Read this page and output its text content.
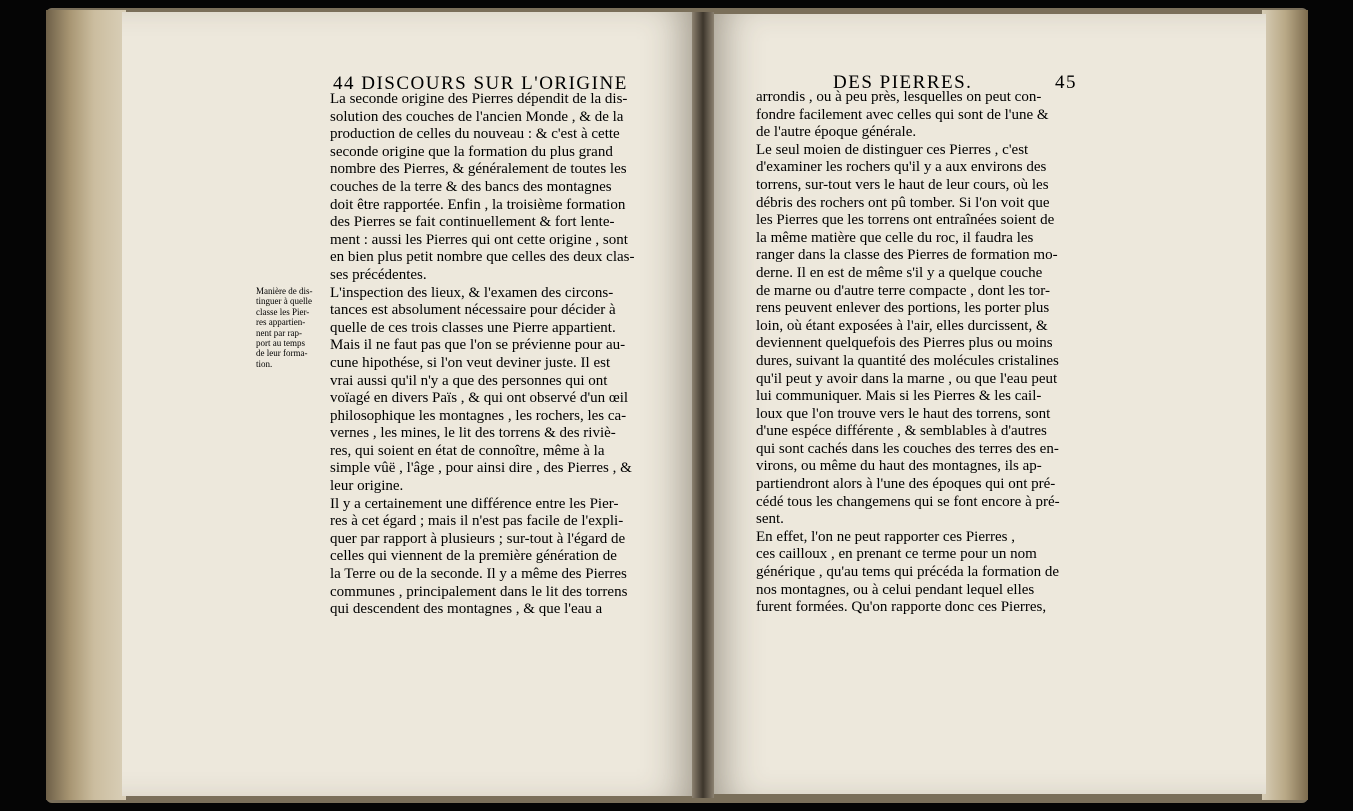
44 DISCOURS SUR L'ORIGINE
La seconde origine des Pierres dépendit de la dis-
solution des couches de l'ancien Monde , & de la
production de celles du nouveau : & c'est à cette
seconde origine que la formation du plus grand
nombre des Pierres, & généralement de toutes les
couches de la terre & des bancs des montagnes
doit être rapportée. Enfin , la troisième formation
des Pierres se fait continuellement & fort lente-
ment : aussi les Pierres qui ont cette origine , sont
en bien plus petit nombre que celles des deux clas-
ses précédentes.
L'inspection des lieux, & l'examen des circons-
tances est absolument nécessaire pour décider à
quelle de ces trois classes une Pierre appartient.
Mais il ne faut pas que l'on se prévienne pour au-
cune hipothése, si l'on veut deviner juste. Il est
vrai aussi qu'il n'y a que des personnes qui ont
voïagé en divers Païs , & qui ont observé d'un œil
philosophique les montagnes , les rochers, les ca-
vernes , les mines, le lit des torrens & des riviè-
res, qui soient en état de connoître, même à la
simple vûë , l'âge , pour ainsi dire , des Pierres , &
leur origine.
Il y a certainement une différence entre les Pier-
res à cet égard ; mais il n'est pas facile de l'expli-
quer par rapport à plusieurs ; sur-tout à l'égard de
celles qui viennent de la première génération de
la Terre ou de la seconde. Il y a même des Pierres
communes , principalement dans le lit des torrens
qui descendent des montagnes , & que l'eau a
Manière de dis-
tinguer à quelle
classe les Pier-
res appartien-
nent par rap-
port au temps
de leur forma-
tion.
DES PIERRES.	45
arrondis , ou à peu près, lesquelles on peut con-
fondre facilement avec celles qui sont de l'une &
de l'autre époque générale.
Le seul moien de distinguer ces Pierres , c'est
d'examiner les rochers qu'il y a aux environs des
torrens, sur-tout vers le haut de leur cours, où les
débris des rochers ont pû tomber. Si l'on voit que
les Pierres que les torrens ont entraînées soient de
la même matière que celle du roc, il faudra les
ranger dans la classe des Pierres de formation mo-
derne. Il en est de même s'il y a quelque couche
de marne ou d'autre terre compacte , dont les tor-
rens peuvent enlever des portions, les porter plus
loin, où étant exposées à l'air, elles durcissent, &
deviennent quelquefois des Pierres plus ou moins
dures, suivant la quantité des molécules cristalines
qu'il peut y avoir dans la marne , ou que l'eau peut
lui communiquer. Mais si les Pierres & les cail-
loux que l'on trouve vers le haut des torrens, sont
d'une espéce différente , & semblables à d'autres
qui sont cachés dans les couches des terres des en-
virons, ou même du haut des montagnes, ils ap-
partiendront alors à l'une des époques qui ont pré-
cédé tous les changemens qui se font encore à pré-
sent.
En effet, l'on ne peut rapporter ces Pierres ,
ces cailloux , en prenant ce terme pour un nom
générique , qu'au tems qui précéda la formation de
nos montagnes, ou à celui pendant lequel elles
furent formées. Qu'on rapporte donc ces Pierres,
